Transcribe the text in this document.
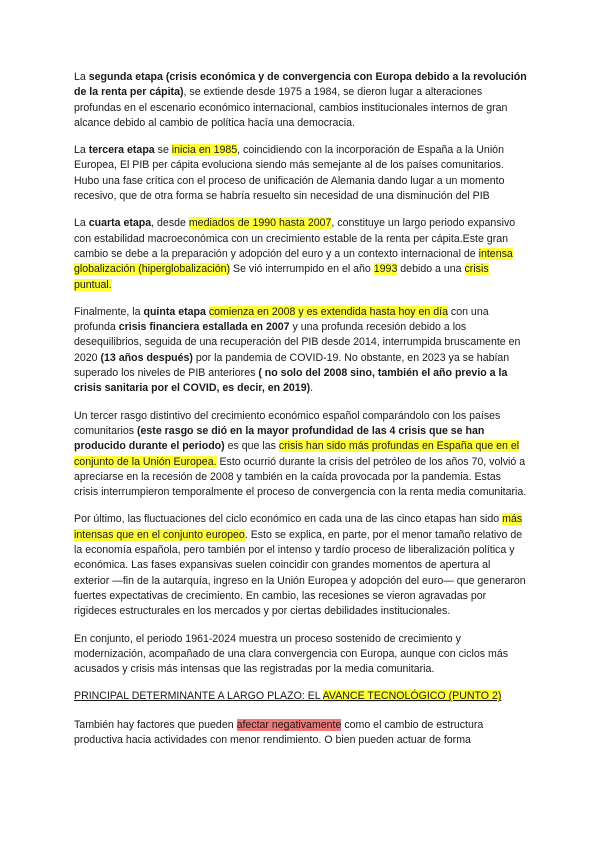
La segunda etapa (crisis económica y de convergencia con Europa debido a la revolución de la renta per cápita), se extiende desde 1975 a 1984, se dieron lugar a alteraciones profundas en el escenario económico internacional, cambios institucionales internos de gran alcance debido al cambio de política hacía una democracia.

La tercera etapa se inicia en 1985, coincidiendo con la incorporación de España a la Unión Europea, El PIB per cápita evoluciona siendo más semejante al de los países comunitarios. Hubo una fase crítica con el proceso de unificación de Alemania dando lugar a un momento recesivo, que de otra forma se habría resuelto sin necesidad de una disminución del PIB

La cuarta etapa, desde mediados de 1990 hasta 2007, constituye un largo periodo expansivo con estabilidad macroeconómica con un crecimiento estable de la renta per cápita.Este gran cambio se debe a la preparación y adopción del euro y a un contexto internacional de intensa globalización (hiperglobalización) Se vió interrumpido en el año 1993 debido a una crisis puntual.

Finalmente, la quinta etapa comienza en 2008 y es extendida hasta hoy en día con una profunda crisis financiera estallada en 2007 y una profunda recesión debido a los desequilibrios, seguida de una recuperación del PIB desde 2014, interrumpida bruscamente en 2020 (13 años después) por la pandemia de COVID-19. No obstante, en 2023 ya se habían superado los niveles de PIB anteriores ( no solo del 2008 sino, también el año previo a la crisis sanitaria por el COVID, es decir, en 2019).

Un tercer rasgo distintivo del crecimiento económico español comparándolo con los países comunitarios (este rasgo se dió en la mayor profundidad de las 4 crisis que se han producido durante el periodo) es que las crisis han sido más profundas en España que en el conjunto de la Unión Europea. Esto ocurrió durante la crisis del petróleo de los años 70, volvió a apreciarse en la recesión de 2008 y también en la caída provocada por la pandemia. Estas crisis interrumpieron temporalmente el proceso de convergencia con la renta media comunitaria.

Por último, las fluctuaciones del ciclo económico en cada una de las cinco etapas han sido más intensas que en el conjunto europeo. Esto se explica, en parte, por el menor tamaño relativo de la economía española, pero también por el intenso y tardío proceso de liberalización política y económica. Las fases expansivas suelen coincidir con grandes momentos de apertura al exterior —fin de la autarquía, ingreso en la Unión Europea y adopción del euro— que generaron fuertes expectativas de crecimiento. En cambio, las recesiones se vieron agravadas por rigideces estructurales en los mercados y por ciertas debilidades institucionales.

En conjunto, el periodo 1961-2024 muestra un proceso sostenido de crecimiento y modernización, acompañado de una clara convergencia con Europa, aunque con ciclos más acusados y crisis más intensas que las registradas por la media comunitaria.

PRINCIPAL DETERMINANTE A LARGO PLAZO: EL AVANCE TECNOLÓGICO (PUNTO 2)

También hay factores que pueden afectar negativamente como el cambio de estructura productiva hacia actividades con menor rendimiento. O bien pueden actuar de forma
